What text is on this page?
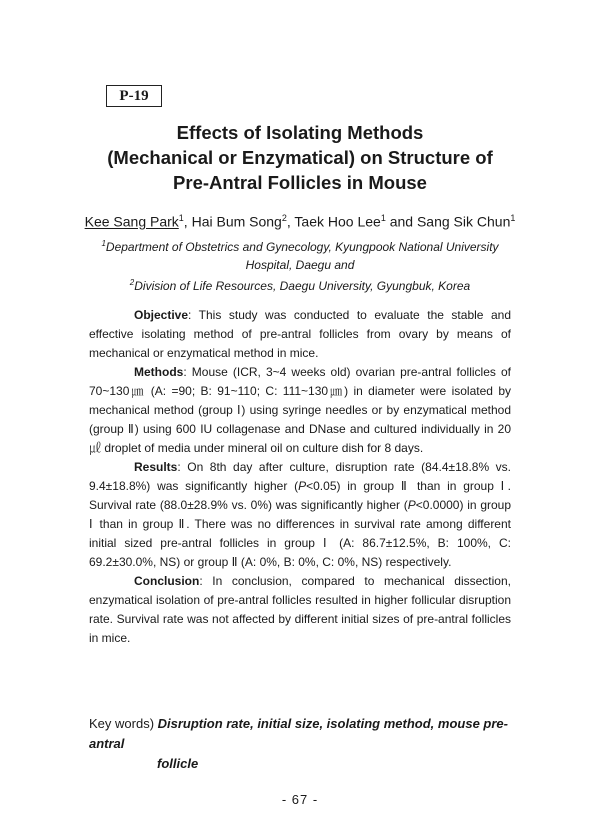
P-19
Effects of Isolating Methods
(Mechanical or Enzymatical) on Structure of
Pre-Antral Follicles in Mouse
Kee Sang Park$^1$, Hai Bum Song$^2$, Taek Hoo Lee$^1$ and Sang Sik Chun$^1$
$^1$Department of Obstetrics and Gynecology, Kyungpook National University
Hospital, Daegu and
$^2$Division of Life Resources, Daegu University, Gyungbuk, Korea

Objective: This study was conducted to evaluate the stable and effective isolating method of pre-antral follicles from ovary by means of mechanical or enzymatical method in mice.

Methods: Mouse (ICR, 3~4 weeks old) ovarian pre-antral follicles of 70~130㎛ (A: =90; B: 91~110; C: 111~130㎛) in diameter were isolated by mechanical method (group Ⅰ) using syringe needles or by enzymatical method (group Ⅱ) using 600 IU collagenase and DNase and cultured individually in 20㎕ droplet of media under mineral oil on culture dish for 8 days.

Results: On 8th day after culture, disruption rate (84.4±18.8% vs. 9.4±18.8%) was significantly higher (P<0.05) in group Ⅱ than in group Ⅰ. Survival rate (88.0±28.9% vs. 0%) was significantly higher (P<0.0000) in group Ⅰ than in group Ⅱ. There was no differences in survival rate among different initial sized pre-antral follicles in group Ⅰ (A: 86.7±12.5%, B: 100%, C: 69.2±30.0%, NS) or group Ⅱ (A: 0%, B: 0%, C: 0%, NS) respectively.

Conclusion: In conclusion, compared to mechanical dissection, enzymatical isolation of pre-antral follicles resulted in higher follicular disruption rate. Survival rate was not affected by different initial sizes of pre-antral follicles in mice.

Key words) Disruption rate, initial size, isolating method, mouse pre-antral
follicle
- 67 -
